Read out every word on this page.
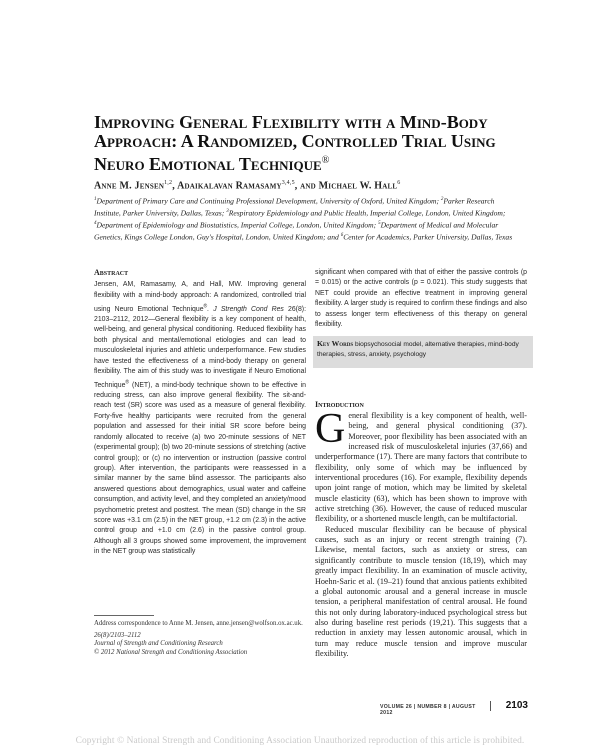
Improving General Flexibility with a Mind-Body Approach: A Randomized, Controlled Trial Using Neuro Emotional Technique®
Anne M. Jensen$^{1,2}$, Adaikalavan Ramasamy$^{3,4,5}$, and Michael W. Hall$^6$
$^1$Department of Primary Care and Continuing Professional Development, University of Oxford, United Kingdom; $^2$Parker Research Institute, Parker University, Dallas, Texas; $^3$Respiratory Epidemiology and Public Health, Imperial College, London, United Kingdom; $^4$Department of Epidemiology and Biostatistics, Imperial College, London, United Kingdom; $^5$Department of Medical and Molecular Genetics, Kings College London, Guy's Hospital, London, United Kingdom; and $^6$Center for Academics, Parker University, Dallas, Texas
Abstract
Jensen, AM, Ramasamy, A, and Hall, MW. Improving general flexibility with a mind-body approach: A randomized, controlled trial using Neuro Emotional Technique®. J Strength Cond Res 26(8): 2103–2112, 2012—General flexibility is a key component of health, well-being, and general physical conditioning. Reduced flexibility has both physical and mental/emotional etiologies and can lead to musculoskeletal injuries and athletic underperformance. Few studies have tested the effectiveness of a mind-body therapy on general flexibility. The aim of this study was to investigate if Neuro Emotional Technique® (NET), a mind-body technique shown to be effective in reducing stress, can also improve general flexibility. The sit-and-reach test (SR) score was used as a measure of general flexibility. Forty-five healthy participants were recruited from the general population and assessed for their initial SR score before being randomly allocated to receive (a) two 20-minute sessions of NET (experimental group); (b) two 20-minute sessions of stretching (active control group); or (c) no intervention or instruction (passive control group). After intervention, the participants were reassessed in a similar manner by the same blind assessor. The participants also answered questions about demographics, usual water and caffeine consumption, and activity level, and they completed an anxiety/mood psychometric pretest and posttest. The mean (SD) change in the SR score was +3.1 cm (2.5) in the NET group, +1.2 cm (2.3) in the active control group and +1.0 cm (2.6) in the passive control group. Although all 3 groups showed some improvement, the improvement in the NET group was statistically
significant when compared with that of either the passive controls (p = 0.015) or the active controls (p = 0.021). This study suggests that NET could provide an effective treatment in improving general flexibility. A larger study is required to confirm these findings and also to assess longer term effectiveness of this therapy on general flexibility.
Key Words biopsychosocial model, alternative therapies, mind-body therapies, stress, anxiety, psychology
Introduction

General flexibility is a key component of health, well-being, and general physical conditioning (37). Moreover, poor flexibility has been associated with an increased risk of musculoskeletal injuries (37,66) and underperformance (17). There are many factors that contribute to flexibility, only some of which may be influenced by interventional procedures (16). For example, flexibility depends upon joint range of motion, which may be limited by skeletal muscle elasticity (63), which has been shown to improve with active stretching (36). However, the cause of reduced muscular flexibility, or a shortened muscle length, can be multifactorial.

Reduced muscular flexibility can be because of physical causes, such as an injury or recent strength training (7). Likewise, mental factors, such as anxiety or stress, can significantly contribute to muscle tension (18,19), which may greatly impact flexibility. In an examination of muscle activity, Hoehn-Saric et al. (19–21) found that anxious patients exhibited a global autonomic arousal and a general increase in muscle tension, a peripheral manifestation of central arousal. He found this not only during laboratory-induced psychological stress but also during baseline rest periods (19,21). This suggests that a reduction in anxiety may lessen autonomic arousal, which in turn may reduce muscle tension and improve muscular flexibility.

Address correspondence to Anne M. Jensen, anne.jensen@wolfson.ox.ac.uk.

26(8)/2103–2112

Journal of Strength and Conditioning Research

© 2012 National Strength and Conditioning Association

VOLUME 26 | NUMBER 8 | AUGUST 2012
2103
Copyright © National Strength and Conditioning Association Unauthorized reproduction of this article is prohibited.
